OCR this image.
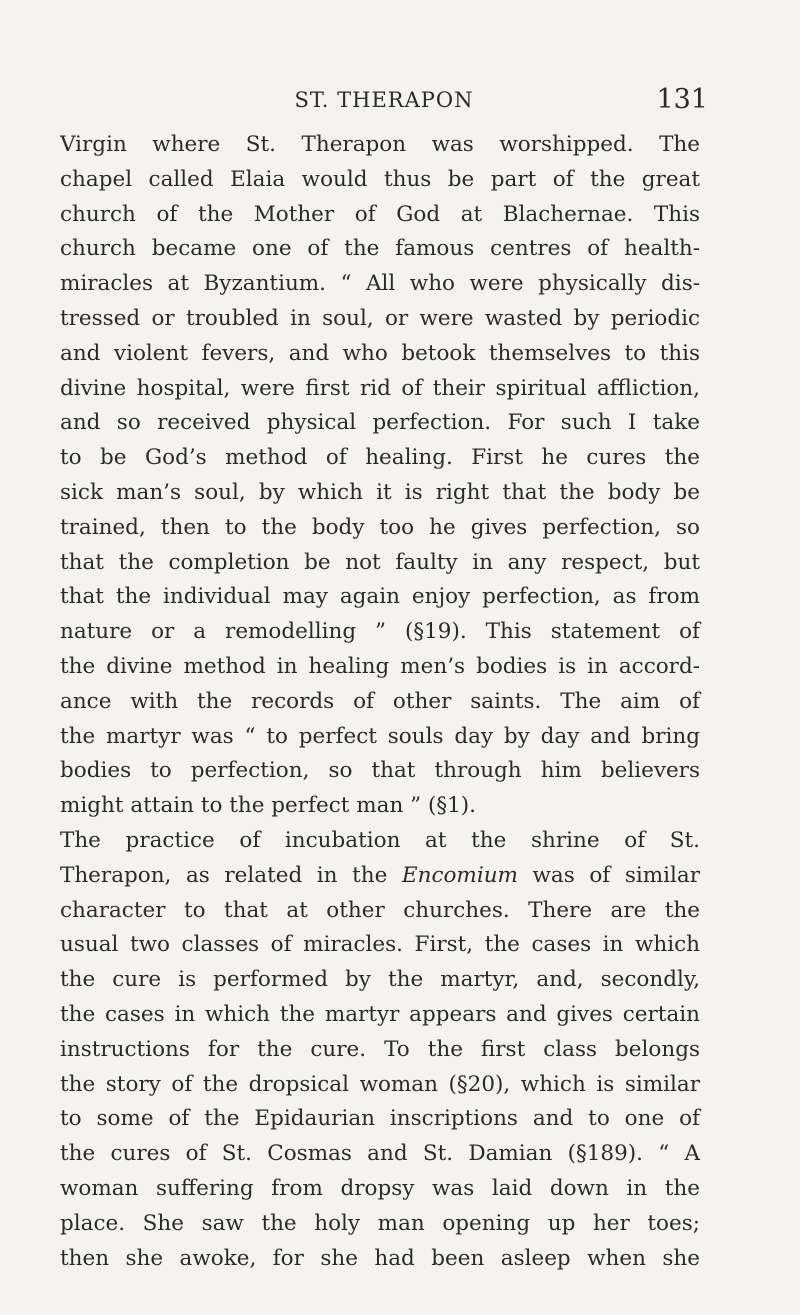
ST. THERAPON	131
Virgin where St. Therapon was worshipped. The
chapel called Elaia would thus be part of the great
church of the Mother of God at Blachernae. This
church became one of the famous centres of health-
miracles at Byzantium. “ All who were physically dis-
tressed or troubled in soul, or were wasted by periodic
and violent fevers, and who betook themselves to this
divine hospital, were first rid of their spiritual affliction,
and so received physical perfection. For such I take
to be God’s method of healing. First he cures the
sick man’s soul, by which it is right that the body be
trained, then to the body too he gives perfection, so
that the completion be not faulty in any respect, but
that the individual may again enjoy perfection, as from
nature or a remodelling ” (§19). This statement of
the divine method in healing men’s bodies is in accord-
ance with the records of other saints. The aim of
the martyr was “ to perfect souls day by day and bring
bodies to perfection, so that through him believers
might attain to the perfect man ” (§1).
The practice of incubation at the shrine of St.
Therapon, as related in the Encomium was of similar
character to that at other churches. There are the
usual two classes of miracles. First, the cases in which
the cure is performed by the martyr, and, secondly,
the cases in which the martyr appears and gives certain
instructions for the cure. To the first class belongs
the story of the dropsical woman (§20), which is similar
to some of the Epidaurian inscriptions and to one of
the cures of St. Cosmas and St. Damian (§189). “ A
woman suffering from dropsy was laid down in the
place. She saw the holy man opening up her toes;
then she awoke, for she had been asleep when she
